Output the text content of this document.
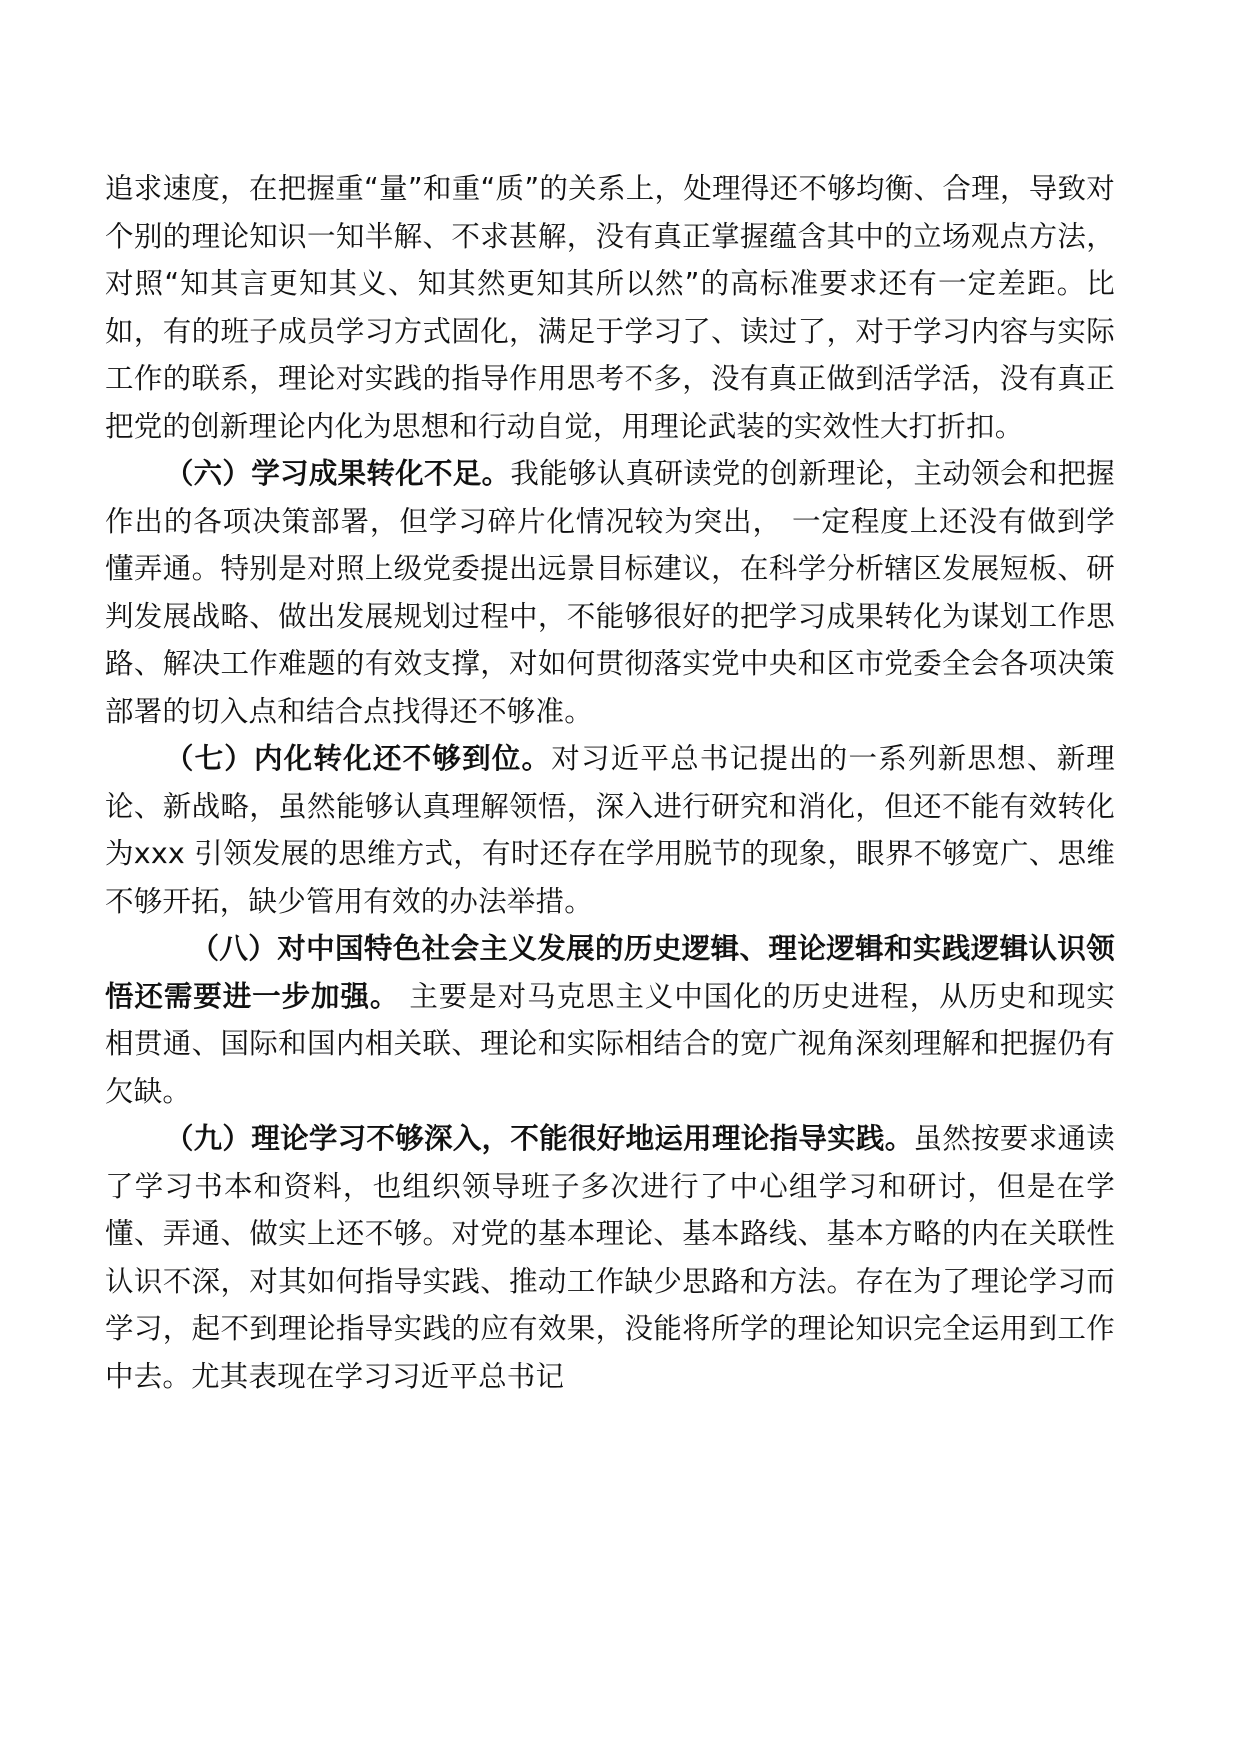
追求速度，在把握重“量”和重“质”的关系上，处理得还不够均衡、合理，导致对个别的理论知识一知半解、不求甚解，没有真正掌握蕴含其中的立场观点方法，对照“知其言更知其义、知其然更知其所以然”的高标准要求还有一定差距。比如，有的班子成员学习方式固化，满足于学习了、读过了，对于学习内容与实际工作的联系，理论对实践的指导作用思考不多，没有真正做到活学活，没有真正把党的创新理论内化为思想和行动自觉，用理论武装的实效性大打折扣。

（六）学习成果转化不足。我能够认真研读党的创新理论，主动领会和把握作出的各项决策部署，但学习碎片化情况较为突出， 一定程度上还没有做到学懂弄通。特别是对照上级党委提出远景目标建议，在科学分析辖区发展短板、研判发展战略、做出发展规划过程中，不能够很好的把学习成果转化为谋划工作思路、解决工作难题的有效支撑，对如何贯彻落实党中央和区市党委全会各项决策部署的切入点和结合点找得还不够准。

（七）内化转化还不够到位。对习近平总书记提出的一系列新思想、新理论、新战略，虽然能够认真理解领悟，深入进行研究和消化，但还不能有效转化为xxx 引领发展的思维方式，有时还存在学用脱节的现象，眼界不够宽广、思维不够开拓，缺少管用有效的办法举措。

（八）对中国特色社会主义发展的历史逻辑、理论逻辑和实践逻辑认识领悟还需要进一步加强。 主要是对马克思主义中国化的历史进程，从历史和现实相贯通、国际和国内相关联、理论和实际相结合的宽广视角深刻理解和把握仍有欠缺。

（九）理论学习不够深入，不能很好地运用理论指导实践。虽然按要求通读了学习书本和资料，也组织领导班子多次进行了中心组学习和研讨，但是在学懂、弄通、做实上还不够。对党的基本理论、基本路线、基本方略的内在关联性认识不深，对其如何指导实践、推动工作缺少思路和方法。存在为了理论学习而学习，起不到理论指导实践的应有效果，没能将所学的理论知识完全运用到工作中去。尤其表现在学习习近平总书记
